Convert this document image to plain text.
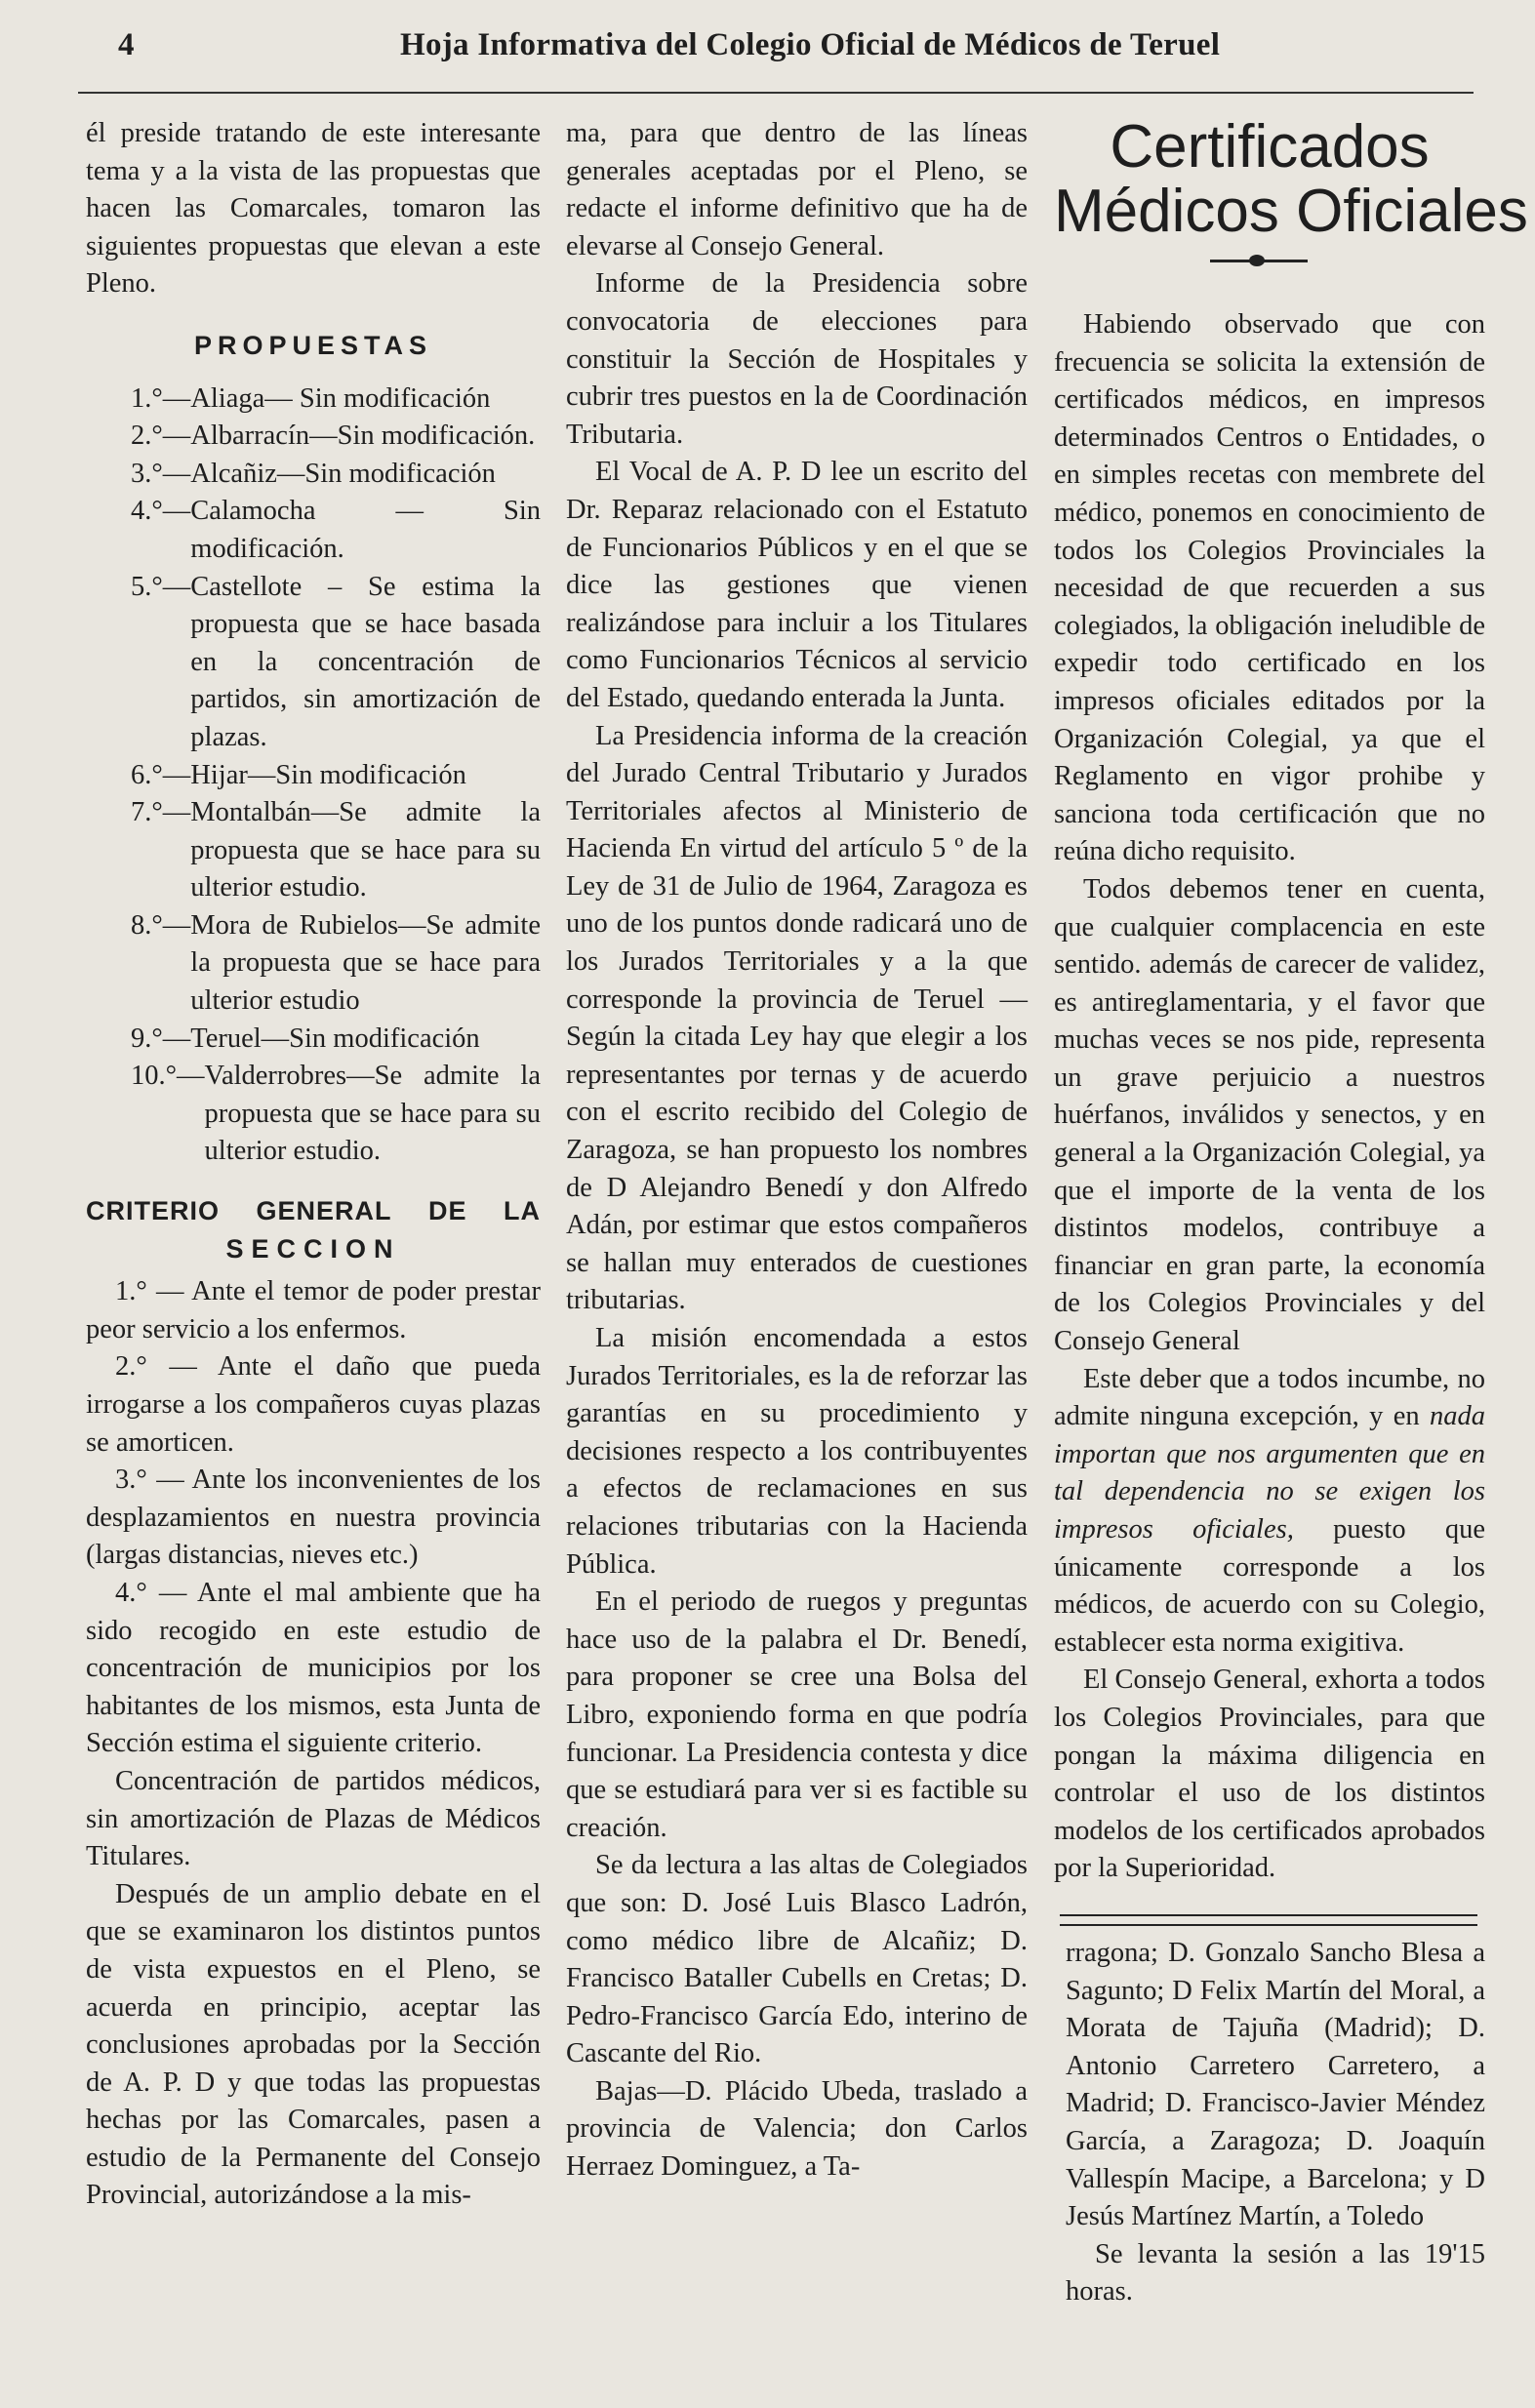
4	Hoja Informativa del Colegio Oficial de Médicos de Teruel

él preside tratando de este interesante tema y a la vista de las propuestas que hacen las Comarcales, tomaron las siguientes propuestas que elevan a este Pleno.

PROPUESTAS
1.°— Aliaga— Sin modificación
2.°— Albarracín—Sin modificación.
3.°— Alcañiz—Sin modificación
4.°— Calamocha — Sin modificación.
5.°— Castellote – Se estima la propuesta que se hace basada en la concentración de partidos, sin amortización de plazas.
6.°— Hijar—Sin modificación
7.°— Montalbán—Se admite la propuesta que se hace para su ulterior estudio.
8.°— Mora de Rubielos—Se admite la propuesta que se hace para ulterior estudio
9.°— Teruel—Sin modificación
10.°— Valderrobres—Se admite la propuesta que se hace para su ulterior estudio.
CRITERIO GENERAL DE LA
SECCION

1.° — Ante el temor de poder prestar peor servicio a los enfermos.

2.° — Ante el daño que pueda irrogarse a los compañeros cuyas plazas se amorticen.

3.° — Ante los inconvenientes de los desplazamientos en nuestra provincia (largas distancias, nieves etc.)

4.° — Ante el mal ambiente que ha sido recogido en este estudio de concentración de municipios por los habitantes de los mismos, esta Junta de Sección estima el siguiente criterio.

Concentración de partidos médicos, sin amortización de Plazas de Médicos Titulares.

Después de un amplio debate en el que se examinaron los distintos puntos de vista expuestos en el Pleno, se acuerda en principio, aceptar las conclusiones aprobadas por la Sección de A. P. D y que todas las propuestas hechas por las Comarcales, pasen a estudio de la Permanente del Consejo Provincial, autorizándose a la mis-

ma, para que dentro de las líneas generales aceptadas por el Pleno, se redacte el informe definitivo que ha de elevarse al Consejo General.

Informe de la Presidencia sobre convocatoria de elecciones para constituir la Sección de Hospitales y cubrir tres puestos en la de Coordinación Tributaria.

El Vocal de A. P. D lee un escrito del Dr. Reparaz relacionado con el Estatuto de Funcionarios Públicos y en el que se dice las gestiones que vienen realizándose para incluir a los Titulares como Funcionarios Técnicos al servicio del Estado, quedando enterada la Junta.

La Presidencia informa de la creación del Jurado Central Tributario y Jurados Territoriales afectos al Ministerio de Hacienda En virtud del artículo 5 º de la Ley de 31 de Julio de 1964, Zaragoza es uno de los puntos donde radicará uno de los Jurados Territoriales y a la que corresponde la provincia de Teruel —Según la citada Ley hay que elegir a los representantes por ternas y de acuerdo con el escrito recibido del Colegio de Zaragoza, se han propuesto los nombres de D Alejandro Benedí y don Alfredo Adán, por estimar que estos compañeros se hallan muy enterados de cuestiones tributarias.

La misión encomendada a estos Jurados Territoriales, es la de reforzar las garantías en su procedimiento y decisiones respecto a los contribuyentes a efectos de reclamaciones en sus relaciones tributarias con la Hacienda Pública.

En el periodo de ruegos y preguntas hace uso de la palabra el Dr. Benedí, para proponer se cree una Bolsa del Libro, exponiendo forma en que podría funcionar. La Presidencia contesta y dice que se estudiará para ver si es factible su creación.

Se da lectura a las altas de Colegiados que son: D. José Luis Blasco Ladrón, como médico libre de Alcañiz; D. Francisco Bataller Cubells en Cretas; D. Pedro-Francisco García Edo, interino de Cascante del Rio.

Bajas—D. Plácido Ubeda, traslado a provincia de Valencia; don Carlos Herraez Dominguez, a Ta-

Certificados
Médicos Oficiales

Habiendo observado que con frecuencia se solicita la extensión de certificados médicos, en impresos determinados Centros o Entidades, o en simples recetas con membrete del médico, ponemos en conocimiento de todos los Colegios Provinciales la necesidad de que recuerden a sus colegiados, la obligación ineludible de expedir todo certificado en los impresos oficiales editados por la Organización Colegial, ya que el Reglamento en vigor prohibe y sanciona toda certificación que no reúna dicho requisito.

Todos debemos tener en cuenta, que cualquier complacencia en este sentido. además de carecer de validez, es antireglamentaria, y el favor que muchas veces se nos pide, representa un grave perjuicio a nuestros huérfanos, inválidos y senectos, y en general a la Organización Colegial, ya que el importe de la venta de los distintos modelos, contribuye a financiar en gran parte, la economía de los Colegios Provinciales y del Consejo General

Este deber que a todos incumbe, no admite ninguna excepción, y en nada importan que nos argumenten que en tal dependencia no se exigen los impresos oficiales, puesto que únicamente corresponde a los médicos, de acuerdo con su Colegio, establecer esta norma exigitiva.

El Consejo General, exhorta a todos los Colegios Provinciales, para que pongan la máxima diligencia en controlar el uso de los distintos modelos de los certificados aprobados por la Superioridad.

rragona; D. Gonzalo Sancho Blesa a Sagunto; D Felix Martín del Moral, a Morata de Tajuña (Madrid); D. Antonio Carretero Carretero, a Madrid; D. Francisco-Javier Méndez García, a Zaragoza; D. Joaquín Vallespín Macipe, a Barcelona; y D Jesús Martínez Martín, a Toledo

Se levanta la sesión a las 19'15 horas.
